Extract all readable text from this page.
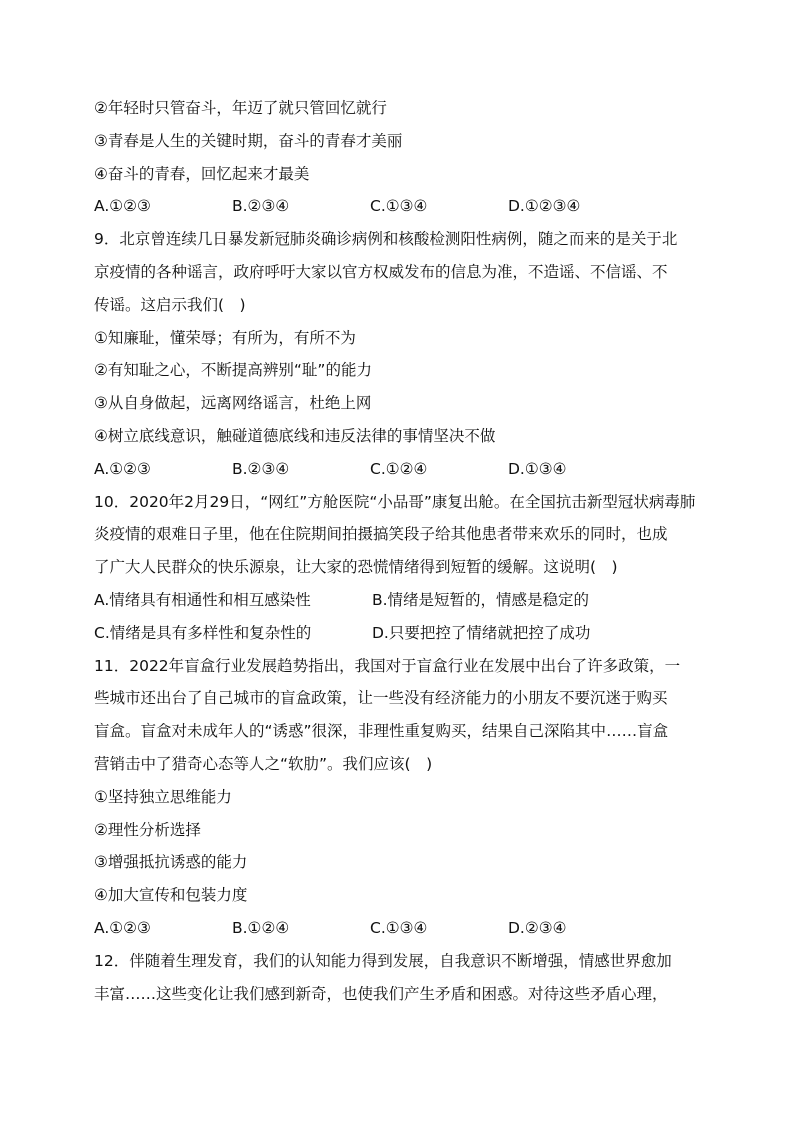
②年轻时只管奋斗，年迈了就只管回忆就行
③青春是人生的关键时期，奋斗的青春才美丽
④奋斗的青春，回忆起来才最美
A.①②③	B.②③④	C.①③④	D.①②③④
9．北京曾连续几日暴发新冠肺炎确诊病例和核酸检测阳性病例，随之而来的是关于北
京疫情的各种谣言，政府呼吁大家以官方权威发布的信息为准，不造谣、不信谣、不
传谣。这启示我们(　)
①知廉耻，懂荣辱；有所为，有所不为
②有知耻之心，不断提高辨别“耻”的能力
③从自身做起，远离网络谣言，杜绝上网
④树立底线意识，触碰道德底线和违反法律的事情坚决不做
A.①②③	B.②③④	C.①②④	D.①③④
10．2020年2月29日，“网红”方舱医院“小品哥”康复出舱。在全国抗击新型冠状病毒肺
炎疫情的艰难日子里，他在住院期间拍摄搞笑段子给其他患者带来欢乐的同时，也成
了广大人民群众的快乐源泉，让大家的恐慌情绪得到短暂的缓解。这说明(　)
A.情绪具有相通性和相互感染性	B.情绪是短暂的，情感是稳定的
C.情绪是具有多样性和复杂性的	D.只要把控了情绪就把控了成功
11．2022年盲盒行业发展趋势指出，我国对于盲盒行业在发展中出台了许多政策，一
些城市还出台了自己城市的盲盒政策，让一些没有经济能力的小朋友不要沉迷于购买
盲盒。盲盒对未成年人的“诱惑”很深，非理性重复购买，结果自己深陷其中……盲盒
营销击中了猎奇心态等人之“软肋”。我们应该(　)
①坚持独立思维能力
②理性分析选择
③增强抵抗诱惑的能力
④加大宣传和包装力度
A.①②③	B.①②④	C.①③④	D.②③④
12．伴随着生理发育，我们的认知能力得到发展，自我意识不断增强，情感世界愈加
丰富……这些变化让我们感到新奇，也使我们产生矛盾和困惑。对待这些矛盾心理，
